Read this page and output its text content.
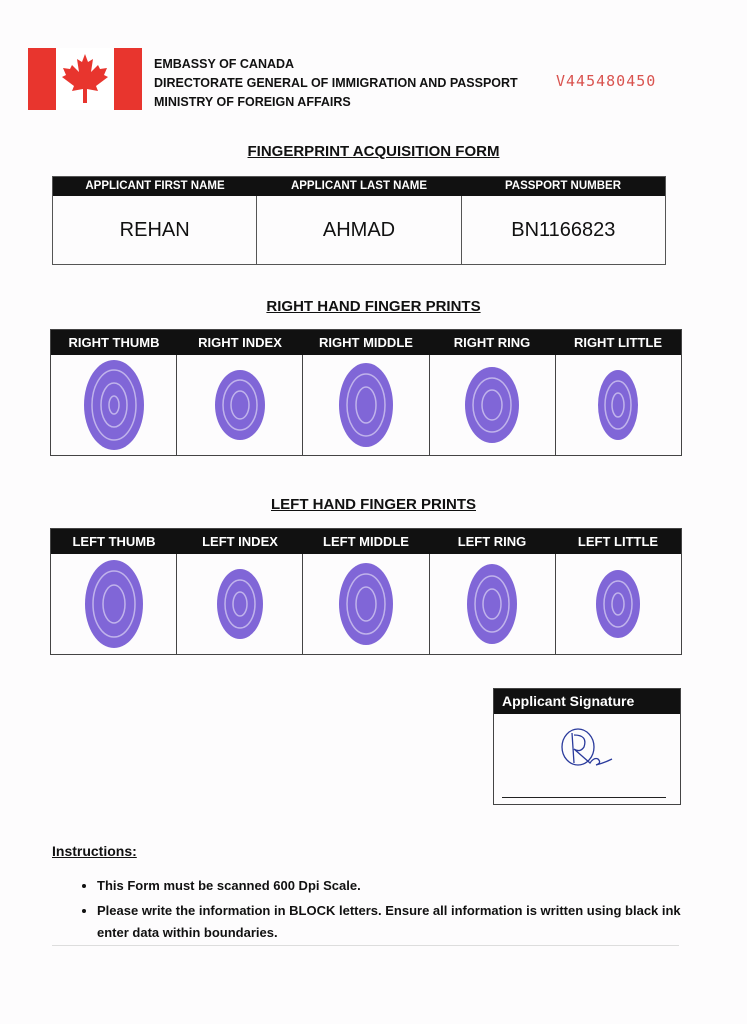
EMBASSY OF CANADA
DIRECTORATE GENERAL OF IMMIGRATION AND PASSPORT
MINISTRY OF FOREIGN AFFAIRS
V445480450
FINGERPRINT ACQUISITION FORM
APPLICANT FIRST NAME	APPLICANT LAST NAME	PASSPORT NUMBER
REHAN	AHMAD	BN1166823
RIGHT HAND FINGER PRINTS
RIGHT THUMB	RIGHT INDEX	RIGHT MIDDLE	RIGHT RING	RIGHT LITTLE
LEFT HAND FINGER PRINTS
LEFT THUMB	LEFT INDEX	LEFT MIDDLE	LEFT RING	LEFT LITTLE
Applicant Signature
Instructions:
• This Form must be scanned 600 Dpi Scale.
• Please write the information in BLOCK letters. Ensure all information is written using black ink enter data within boundaries.
